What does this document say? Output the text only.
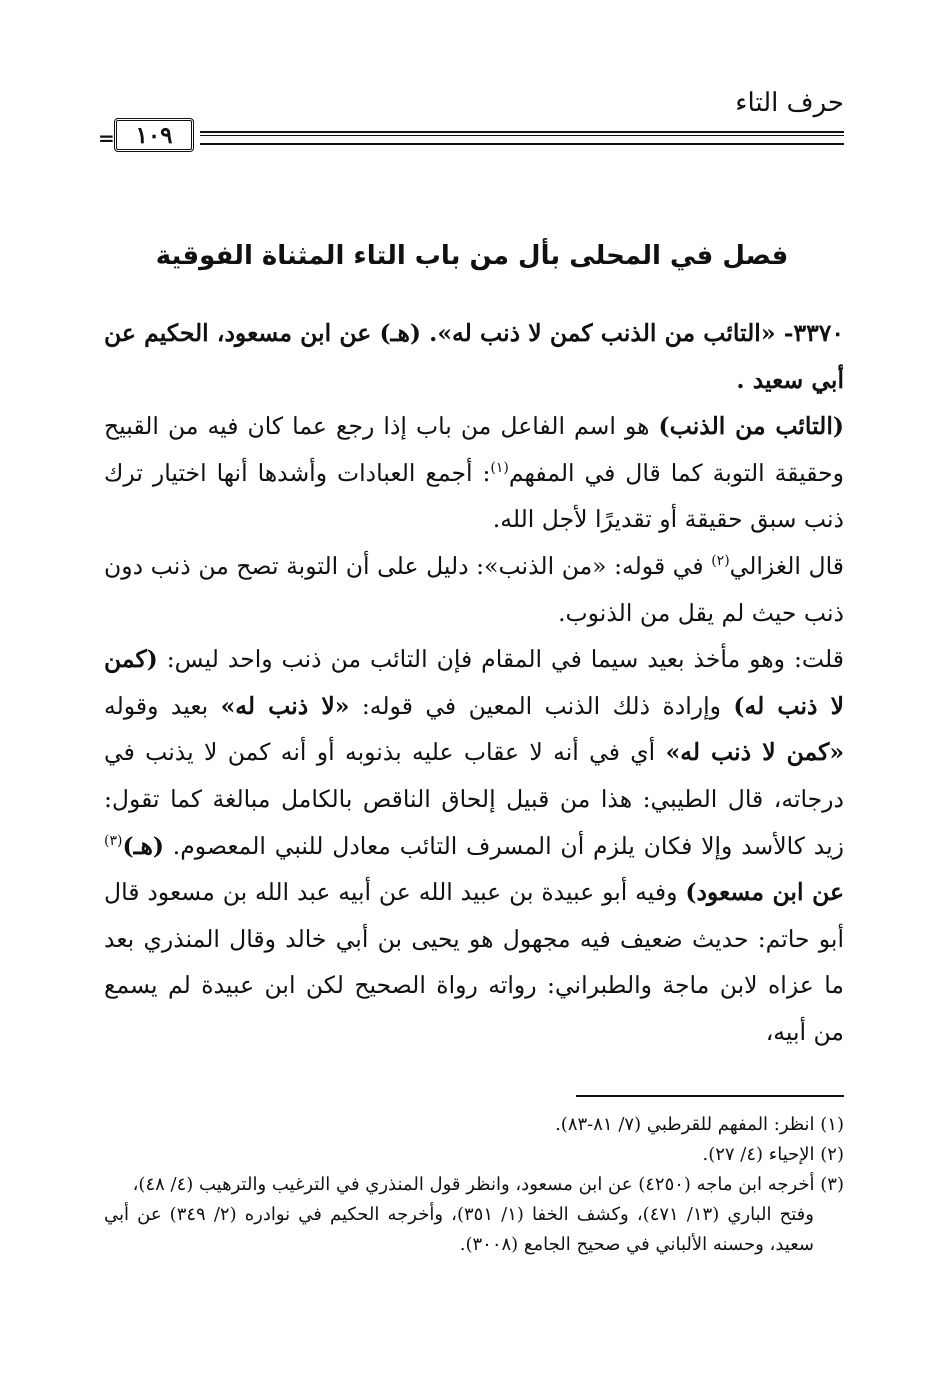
حرف التاء
= ١٠٩
فصل في المحلى بأل من باب التاء المثناة الفوقية

٣٣٧٠- «التائب من الذنب كمن لا ذنب له». (هـ) عن ابن مسعود، الحكيم عن أبي سعيد .

(التائب من الذنب) هو اسم الفاعل من باب إذا رجع عما كان فيه من القبيح وحقيقة التوبة كما قال في المفهم$^{(١)}$: أجمع العبادات وأشدها أنها اختيار ترك ذنب سبق حقيقة أو تقديرًا لأجل الله.

قال الغزالي$^{(٢)}$ في قوله: «من الذنب»: دليل على أن التوبة تصح من ذنب دون ذنب حيث لم يقل من الذنوب.

قلت: وهو مأخذ بعيد سيما في المقام فإن التائب من ذنب واحد ليس: (كمن لا ذنب له) وإرادة ذلك الذنب المعين في قوله: «لا ذنب له» بعيد وقوله «كمن لا ذنب له» أي في أنه لا عقاب عليه بذنوبه أو أنه كمن لا يذنب في درجاته، قال الطيبي: هذا من قبيل إلحاق الناقص بالكامل مبالغة كما تقول: زيد كالأسد وإلا فكان يلزم أن المسرف التائب معادل للنبي المعصوم. (هـ)$^{(٣)}$ عن ابن مسعود) وفيه أبو عبيدة بن عبيد الله عن أبيه عبد الله بن مسعود قال أبو حاتم: حديث ضعيف فيه مجهول هو يحيى بن أبي خالد وقال المنذري بعد ما عزاه لابن ماجة والطبراني: رواته رواة الصحيح لكن ابن عبيدة لم يسمع من أبيه،

(١) انظر: المفهم للقرطبي (٧/ ٨١-٨٣).

(٢) الإحياء (٤/ ٢٧).

(٣) أخرجه ابن ماجه (٤٢٥٠) عن ابن مسعود، وانظر قول المنذري في الترغيب والترهيب (٤/ ٤٨)،

وفتح الباري (١٣/ ٤٧١)، وكشف الخفا (١/ ٣٥١)، وأخرجه الحكيم في نوادره (٢/ ٣٤٩) عن أبي سعيد، وحسنه الألباني في صحيح الجامع (٣٠٠٨).
